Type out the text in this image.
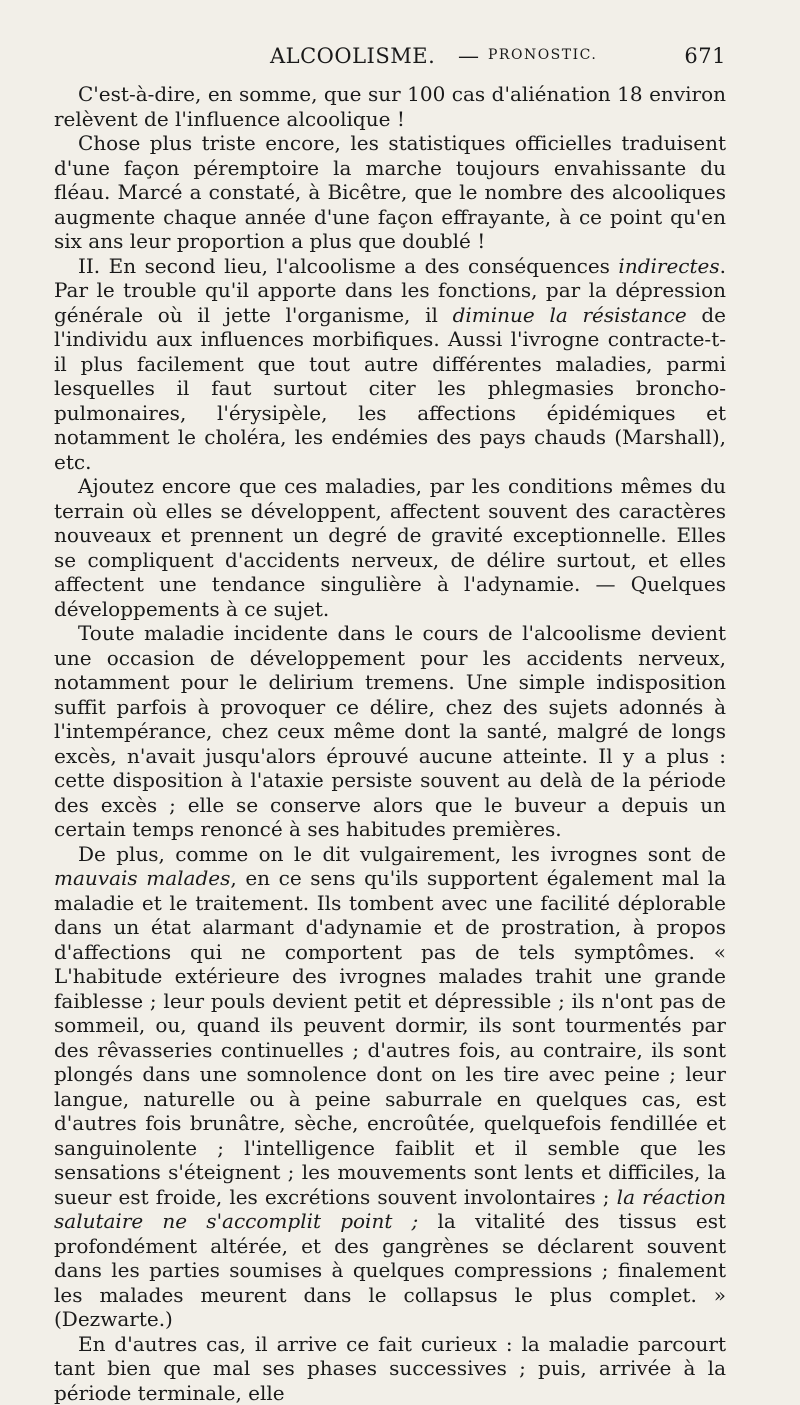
ALCOOLISME. — PRONOSTIC.	671

C'est-à-dire, en somme, que sur 100 cas d'aliénation 18 environ relèvent de l'influence alcoolique !

Chose plus triste encore, les statistiques officielles traduisent d'une façon péremptoire la marche toujours envahissante du fléau. Marcé a constaté, à Bicêtre, que le nombre des alcooliques augmente chaque année d'une façon effrayante, à ce point qu'en six ans leur proportion a plus que doublé !

II. En second lieu, l'alcoolisme a des conséquences indirectes. Par le trouble qu'il apporte dans les fonctions, par la dépression générale où il jette l'organisme, il diminue la résistance de l'individu aux influences morbifiques. Aussi l'ivrogne contracte-t-il plus facilement que tout autre différentes maladies, parmi lesquelles il faut surtout citer les phlegmasies broncho-pulmonaires, l'érysipèle, les affections épidémiques et notamment le choléra, les endémies des pays chauds (Marshall), etc.

Ajoutez encore que ces maladies, par les conditions mêmes du terrain où elles se développent, affectent souvent des caractères nouveaux et prennent un degré de gravité exceptionnelle. Elles se compliquent d'accidents nerveux, de délire surtout, et elles affectent une tendance singulière à l'adynamie. — Quelques développements à ce sujet.

Toute maladie incidente dans le cours de l'alcoolisme devient une occasion de développement pour les accidents nerveux, notamment pour le delirium tremens. Une simple indisposition suffit parfois à provoquer ce délire, chez des sujets adonnés à l'intempérance, chez ceux même dont la santé, malgré de longs excès, n'avait jusqu'alors éprouvé aucune atteinte. Il y a plus : cette disposition à l'ataxie persiste souvent au delà de la période des excès ; elle se conserve alors que le buveur a depuis un certain temps renoncé à ses habitudes premières.

De plus, comme on le dit vulgairement, les ivrognes sont de mauvais malades, en ce sens qu'ils supportent également mal la maladie et le traitement. Ils tombent avec une facilité déplorable dans un état alarmant d'adynamie et de prostration, à propos d'affections qui ne comportent pas de tels symptômes. « L'habitude extérieure des ivrognes malades trahit une grande faiblesse ; leur pouls devient petit et dépressible ; ils n'ont pas de sommeil, ou, quand ils peuvent dormir, ils sont tourmentés par des rêvasseries continuelles ; d'autres fois, au contraire, ils sont plongés dans une somnolence dont on les tire avec peine ; leur langue, naturelle ou à peine saburrale en quelques cas, est d'autres fois brunâtre, sèche, encroûtée, quelquefois fendillée et sanguinolente ; l'intelligence faiblit et il semble que les sensations s'éteignent ; les mouvements sont lents et difficiles, la sueur est froide, les excrétions souvent involontaires ; la réaction salutaire ne s'accomplit point ; la vitalité des tissus est profondément altérée, et des gangrènes se déclarent souvent dans les parties soumises à quelques compressions ; finalement les malades meurent dans le collapsus le plus complet. » (Dezwarte.)

En d'autres cas, il arrive ce fait curieux : la maladie parcourt tant bien que mal ses phases successives ; puis, arrivée à la période terminale, elle
